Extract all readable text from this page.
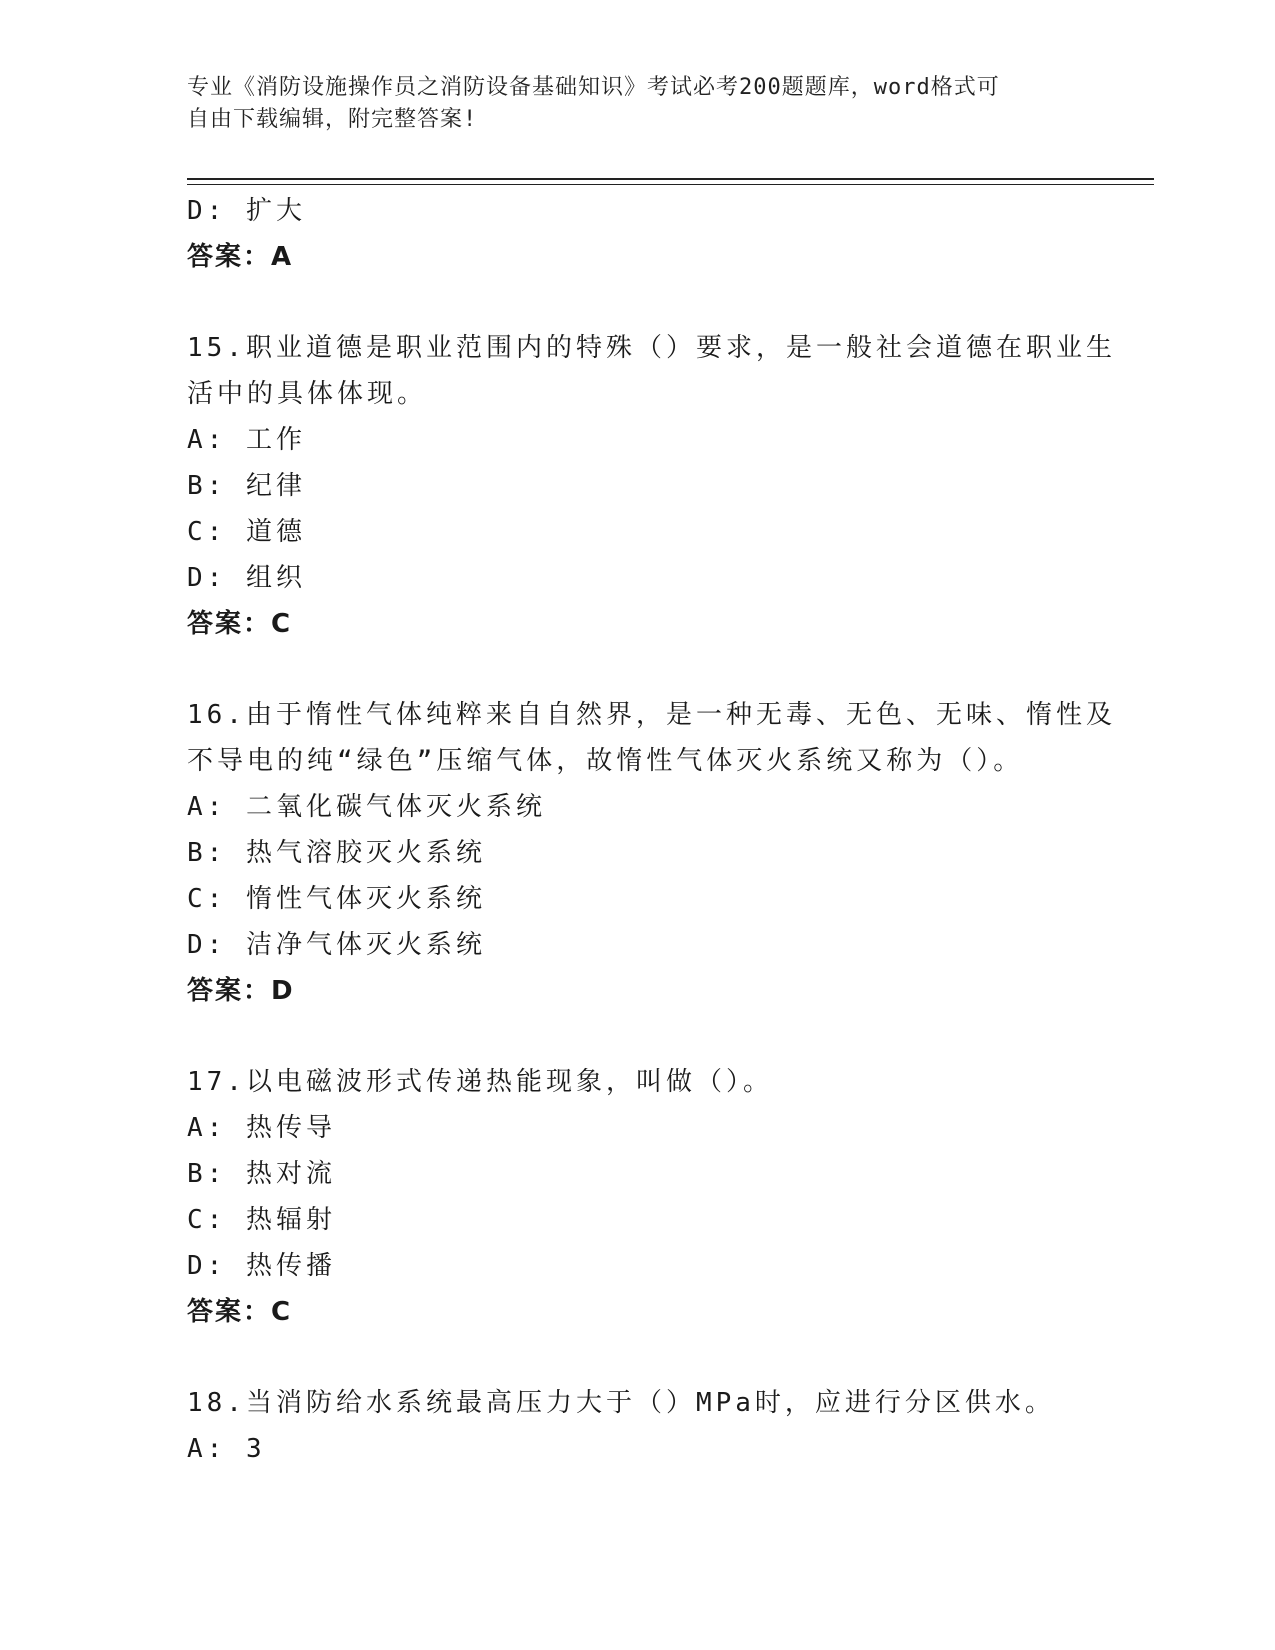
专业《消防设施操作员之消防设备基础知识》考试必考200题题库，word格式可
自由下载编辑，附完整答案!
D: 扩大
答案：A
15.职业道德是职业范围内的特殊（）要求，是一般社会道德在职业生
活中的具体体现。
A: 工作
B: 纪律
C: 道德
D: 组织
答案：C
16.由于惰性气体纯粹来自自然界，是一种无毒、无色、无味、惰性及
不导电的纯“绿色”压缩气体，故惰性气体灭火系统又称为（）。
A: 二氧化碳气体灭火系统
B: 热气溶胶灭火系统
C: 惰性气体灭火系统
D: 洁净气体灭火系统
答案：D
17.以电磁波形式传递热能现象，叫做（）。
A: 热传导
B: 热对流
C: 热辐射
D: 热传播
答案：C
18.当消防给水系统最高压力大于（）MPa时，应进行分区供水。
A: 3
